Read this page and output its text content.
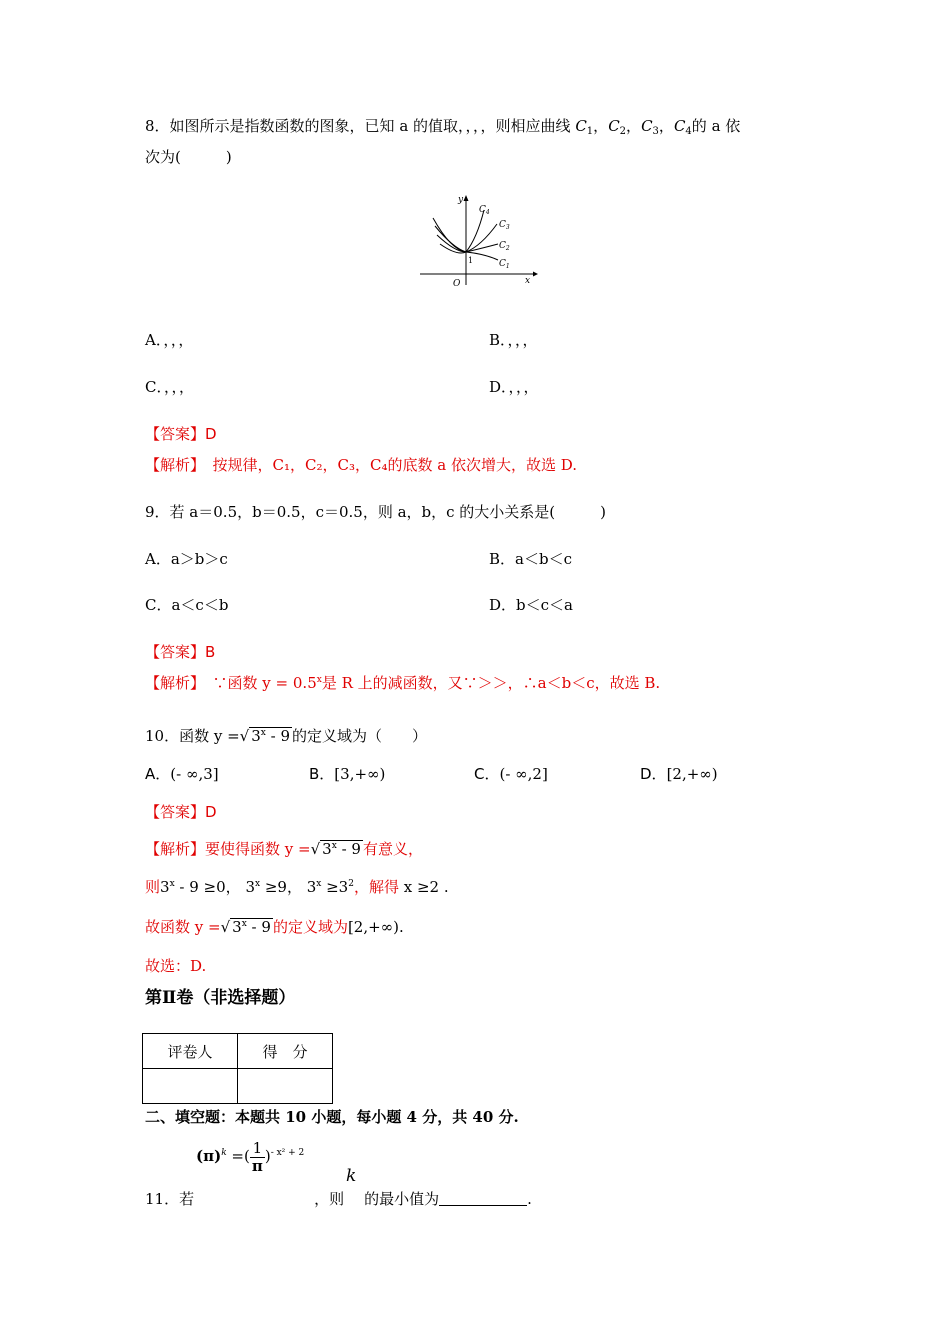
8．如图所示是指数函数的图象，已知 a 的值取，，，，则相应曲线 $C_1$，$C_2$，$C_3$，$C_4$的 a 依
次为(　　　)
y
x
O
1
$C_4$
$C_3$
$C_2$
$C_1$
A．，，，	B．，，，
C．，，，	D．，，，
【答案】D
【解析】　 按规律，C₁，C₂，C₃，C₄的底数 a 依次增大，故选 D.
9．若 a＝0.5，b＝0.5，c＝0.5，则 a，b，c 的大小关系是(　　　)
A．a＞b＞c	B．a＜b＜c
C．a＜c＜b	D．b＜c＜a
【答案】B
【解析】　 ∵函数 $y = 0.5^x$是 R 上的减函数，又∵＞＞，∴a＜b＜c，故选 B.
10．函数 y =√ 3$^x$ - 9 的定义域为（　　）
A．(- ∞,3]	B．[3,+∞)	C．(- ∞,2]	D．[2,+∞)
【答案】D
【解析】要使得函数 y =√ 3$^x$ - 9 有意义，
则3$^x$ - 9 ≥0， $3^x \ge 9$， $3^x \ge 3^2$，解得 x ≥2 .
故函数 y =√ 3$^x$ - 9 的定义域为[2,+∞).
故选：D.
第Ⅱ卷（非选择题）
评卷人	得　分

二、填空题：本题共 10 小题，每小题 4 分，共 40 分.
$(\pi)^k$ =( $\frac{1}{\pi} )^{- x^2 + 2}$
k
11．若	，则 的最小值为	.
